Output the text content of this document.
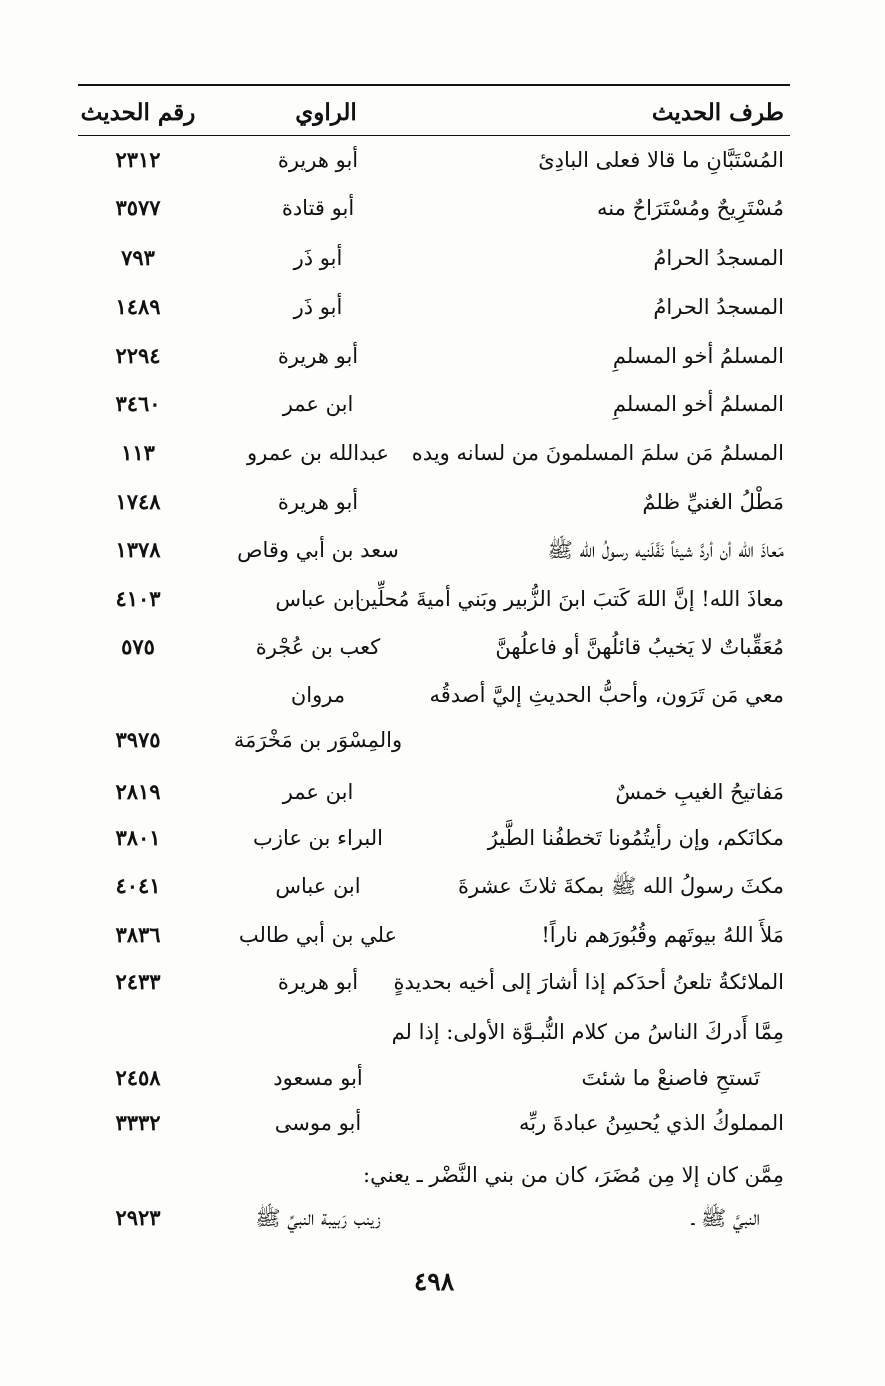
طرف الحديث
الراوي
رقم الحديث
المُسْتَبَّانِ ما قالا فعلى البادِئ
أبو هريرة
٢٣١٢
مُسْتَرِيحٌ ومُسْتَرَاحٌ منه
أبو قتادة
٣٥٧٧
المسجدُ الحرامُ
أبو ذَر
٧٩٣
المسجدُ الحرامُ
أبو ذَر
١٤٨٩
المسلمُ أخو المسلمِ
أبو هريرة
٢٢٩٤
المسلمُ أخو المسلمِ
ابن عمر
٣٤٦٠
المسلمُ مَن سلمَ المسلمونَ من لسانه ويده
عبدالله بن عمرو
١١٣
مَطْلُ الغنيِّ ظلمٌ
أبو هريرة
١٧٤٨
مَعاذَ الله أن أردَّ شيئاً نَفَّلَنيه رسولُ الله ﷺ
سعد بن أبي وقاص
١٣٧٨
معاذَ الله! إنَّ اللهَ كَتبَ ابنَ الزُّبير وبَني أميةَ مُحلِّين
ابن عباس
٤١٠٣
مُعَقِّباتٌ لا يَخيبُ قائلُهنَّ أو فاعلُهنَّ
كعب بن عُجْرة
٥٧٥
معي مَن تَرَون، وأحبُّ الحديثِ إليَّ أصدقُه
مروان
والمِسْوَر بن مَخْرَمَة
٣٩٧٥
مَفاتيحُ الغيبِ خمسٌ
ابن عمر
٢٨١٩
مكانَكم، وإن رأيتُمُونا تَخطفُنا الطَّيرُ
البراء بن عازب
٣٨٠١
مكثَ رسولُ الله ﷺ بمكةَ ثلاثَ عشرةَ
ابن عباس
٤٠٤١
مَلأَ اللهُ بيوتَهم وقُبُورَهم ناراً!
علي بن أبي طالب
٣٨٣٦
الملائكةُ تلعنُ أحدَكم إذا أشارَ إلى أخيه بحديدةٍ
أبو هريرة
٢٤٣٣
مِمَّا أَدركَ الناسُ من كلام النُّبـوَّة الأولى: إذا لم
تَستحِ فاصنعْ ما شئتَ
أبو مسعود
٢٤٥٨
المملوكُ الذي يُحسِنُ عبادةَ ربِّه
أبو موسى
٣٣٣٢
مِمَّن كان إلا مِن مُضَرَ، كان من بني النَّضْر ـ يعني:
النبيَّ ﷺ ـ
زينب رَبيبة النبيِّ ﷺ
٢٩٢٣
٤٩٨
